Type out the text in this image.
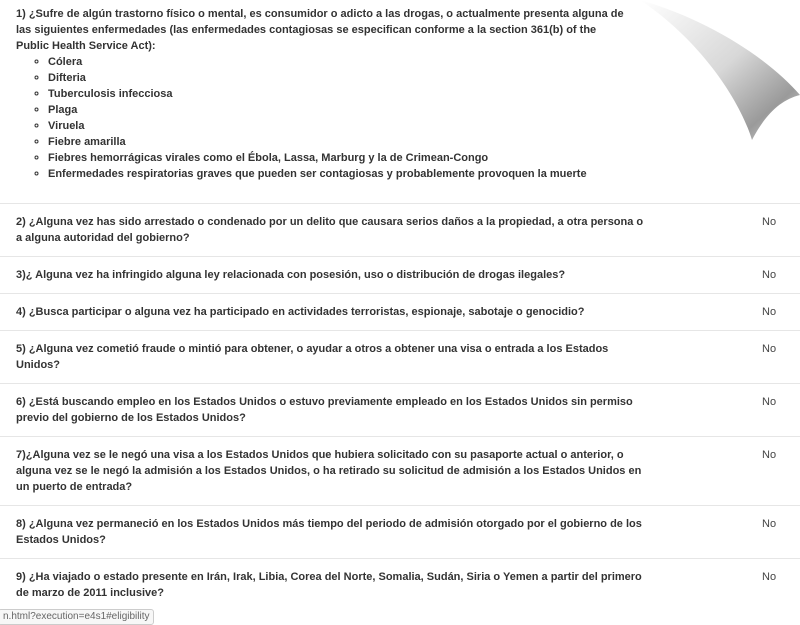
1) ¿Sufre de algún trastorno físico o mental, es consumidor o adicto a las drogas, o actualmente presenta alguna de las siguientes enfermedades (las enfermedades contagiosas se especifican conforme a la section 361(b) of the Public Health Service Act):
◦ Cólera
◦ Difteria
◦ Tuberculosis infecciosa
◦ Plaga
◦ Viruela
◦ Fiebre amarilla
◦ Fiebres hemorrágicas virales como el Ébola, Lassa, Marburg y la de Crimean-Congo
◦ Enfermedades respiratorias graves que pueden ser contagiosas y probablemente provoquen la muerte
2) ¿Alguna vez has sido arrestado o condenado por un delito que causara serios daños a la propiedad, a otra persona o a alguna autoridad del gobierno?
No
3)¿ Alguna vez ha infringido alguna ley relacionada con posesión, uso o distribución de drogas ilegales?	No
4) ¿Busca participar o alguna vez ha participado en actividades terroristas, espionaje, sabotaje o genocidio?	No
5) ¿Alguna vez cometió fraude o mintió para obtener, o ayudar a otros a obtener una visa o entrada a los Estados Unidos?
No
6) ¿Está buscando empleo en los Estados Unidos o estuvo previamente empleado en los Estados Unidos sin permiso previo del gobierno de los Estados Unidos?
No
7)¿Alguna vez se le negó una visa a los Estados Unidos que hubiera solicitado con su pasaporte actual o anterior, o alguna vez se le negó la admisión a los Estados Unidos, o ha retirado su solicitud de admisión a los Estados Unidos en un puerto de entrada?
No
8) ¿Alguna vez permaneció en los Estados Unidos más tiempo del periodo de admisión otorgado por el gobierno de los Estados Unidos?
No
9) ¿Ha viajado o estado presente en Irán, Irak, Libia, Corea del Norte, Somalia, Sudán, Siria o Yemen a partir del primero de marzo de 2011 inclusive?
No
n.html?execution=e4s1#eligibility
